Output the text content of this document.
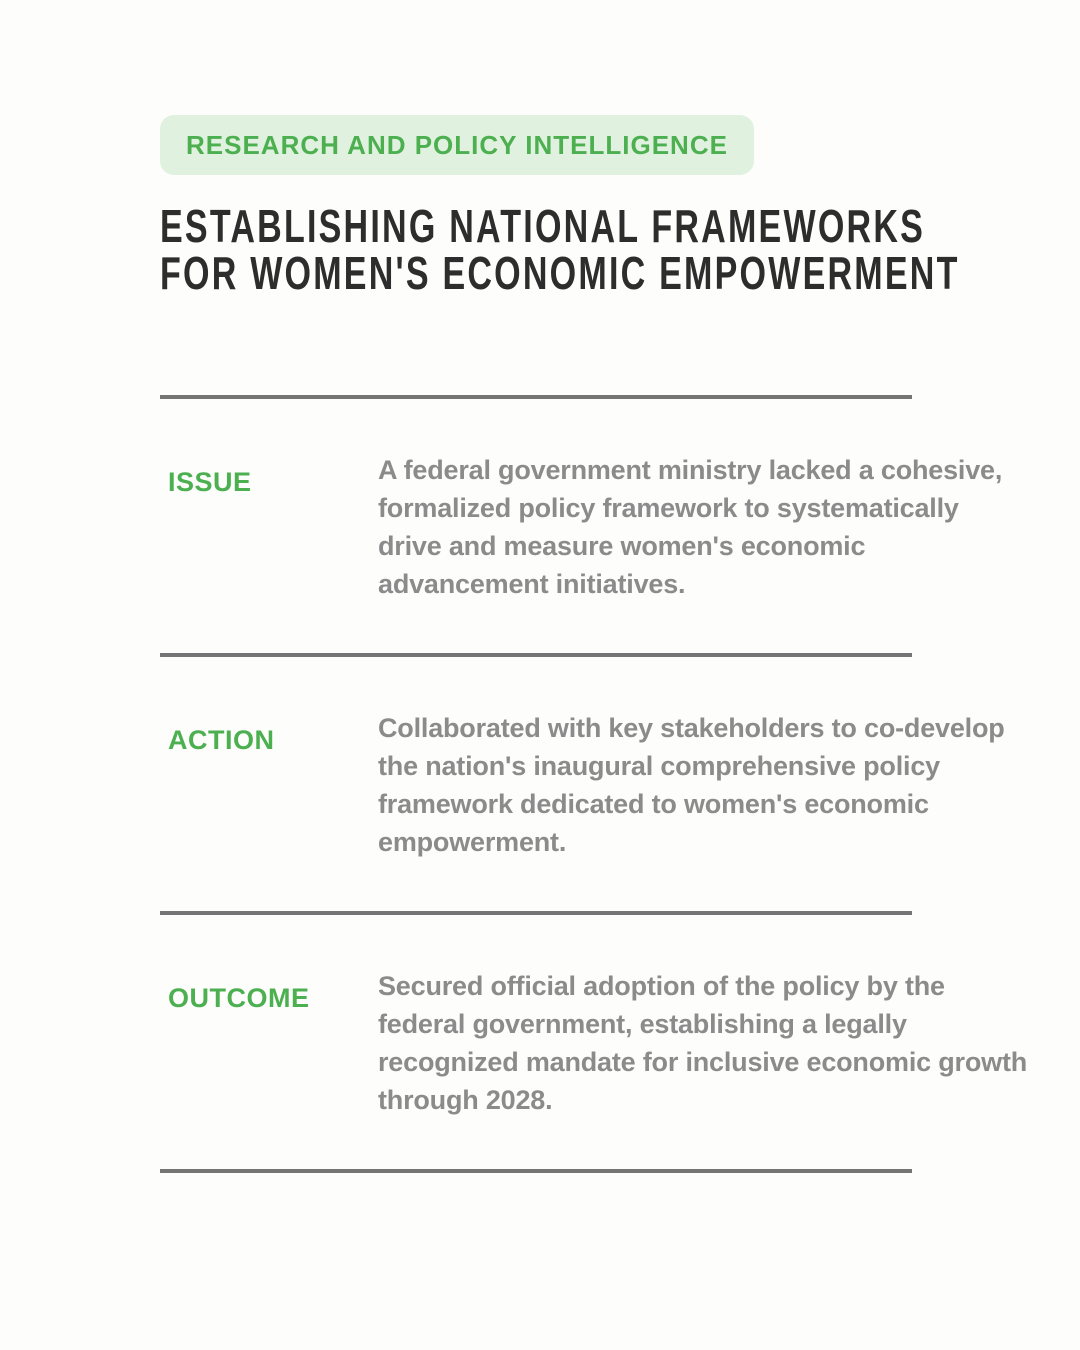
RESEARCH AND POLICY INTELLIGENCE
ESTABLISHING NATIONAL FRAMEWORKS
FOR WOMEN'S ECONOMIC EMPOWERMENT
ISSUE	A federal government ministry lacked a cohesive, formalized policy framework to systematically drive and measure women's economic advancement initiatives.

ACTION	Collaborated with key stakeholders to co-develop the nation's inaugural comprehensive policy framework dedicated to women's economic empowerment.

OUTCOME	Secured official adoption of the policy by the federal government, establishing a legally recognized mandate for inclusive economic growth through 2028.
